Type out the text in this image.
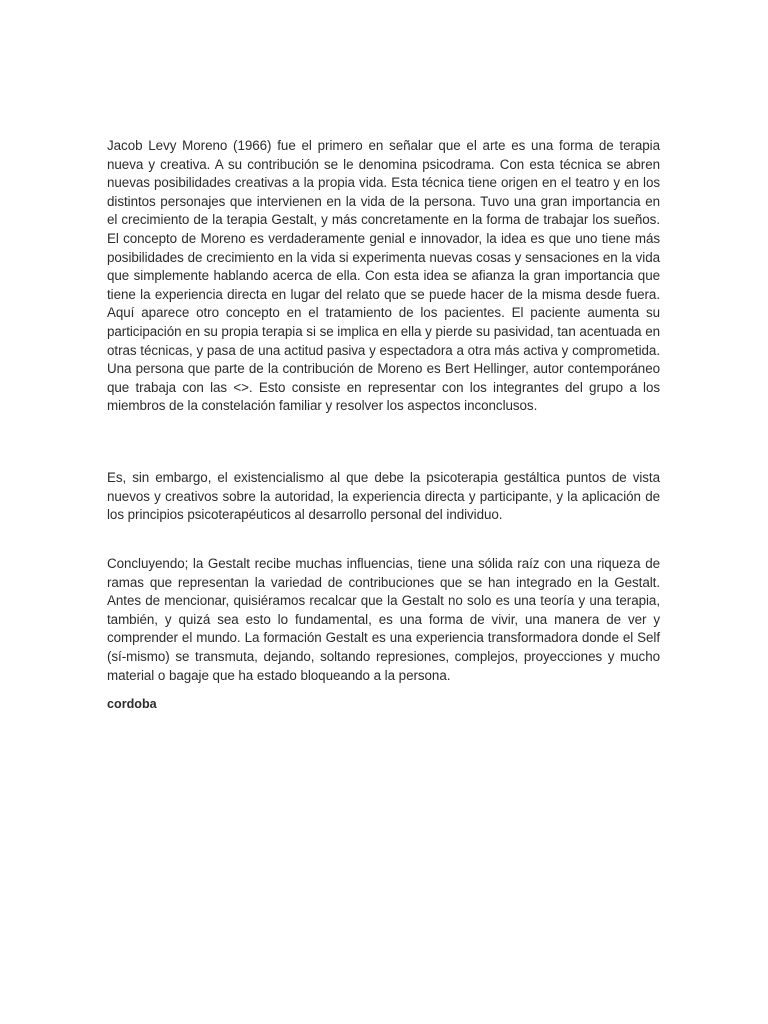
Jacob Levy Moreno (1966) fue el primero en señalar que el arte es una forma de terapia nueva y creativa. A su contribución se le denomina psicodrama. Con esta técnica se abren nuevas posibilidades creativas a la propia vida. Esta técnica tiene origen en el teatro y en los distintos personajes que intervienen en la vida de la persona. Tuvo una gran importancia en el crecimiento de la terapia Gestalt, y más concretamente en la forma de trabajar los sueños. El concepto de Moreno es verdaderamente genial e innovador, la idea es que uno tiene más posibilidades de crecimiento en la vida si experimenta nuevas cosas y sensaciones en la vida que simplemente hablando acerca de ella. Con esta idea se afianza la gran importancia que tiene la experiencia directa en lugar del relato que se puede hacer de la misma desde fuera. Aquí aparece otro concepto en el tratamiento de los pacientes. El paciente aumenta su participación en su propia terapia si se implica en ella y pierde su pasividad, tan acentuada en otras técnicas, y pasa de una actitud pasiva y espectadora a otra más activa y comprometida. Una persona que parte de la contribución de Moreno es Bert Hellinger, autor contemporáneo que trabaja con las <>. Esto consiste en representar con los integrantes del grupo a los miembros de la constelación familiar y resolver los aspectos inconclusos.

Es, sin embargo, el existencialismo al que debe la psicoterapia gestáltica puntos de vista nuevos y creativos sobre la autoridad, la experiencia directa y participante, y la aplicación de los principios psicoterapéuticos al desarrollo personal del individuo.

Concluyendo; la Gestalt recibe muchas influencias, tiene una sólida raíz con una riqueza de ramas que representan la variedad de contribuciones que se han integrado en la Gestalt. Antes de mencionar, quisiéramos recalcar que la Gestalt no solo es una teoría y una terapia, también, y quizá sea esto lo fundamental, es una forma de vivir, una manera de ver y comprender el mundo. La formación Gestalt es una experiencia transformadora donde el Self (sí-mismo) se transmuta, dejando, soltando represiones, complejos, proyecciones y mucho material o bagaje que ha estado bloqueando a la persona.

cordoba
